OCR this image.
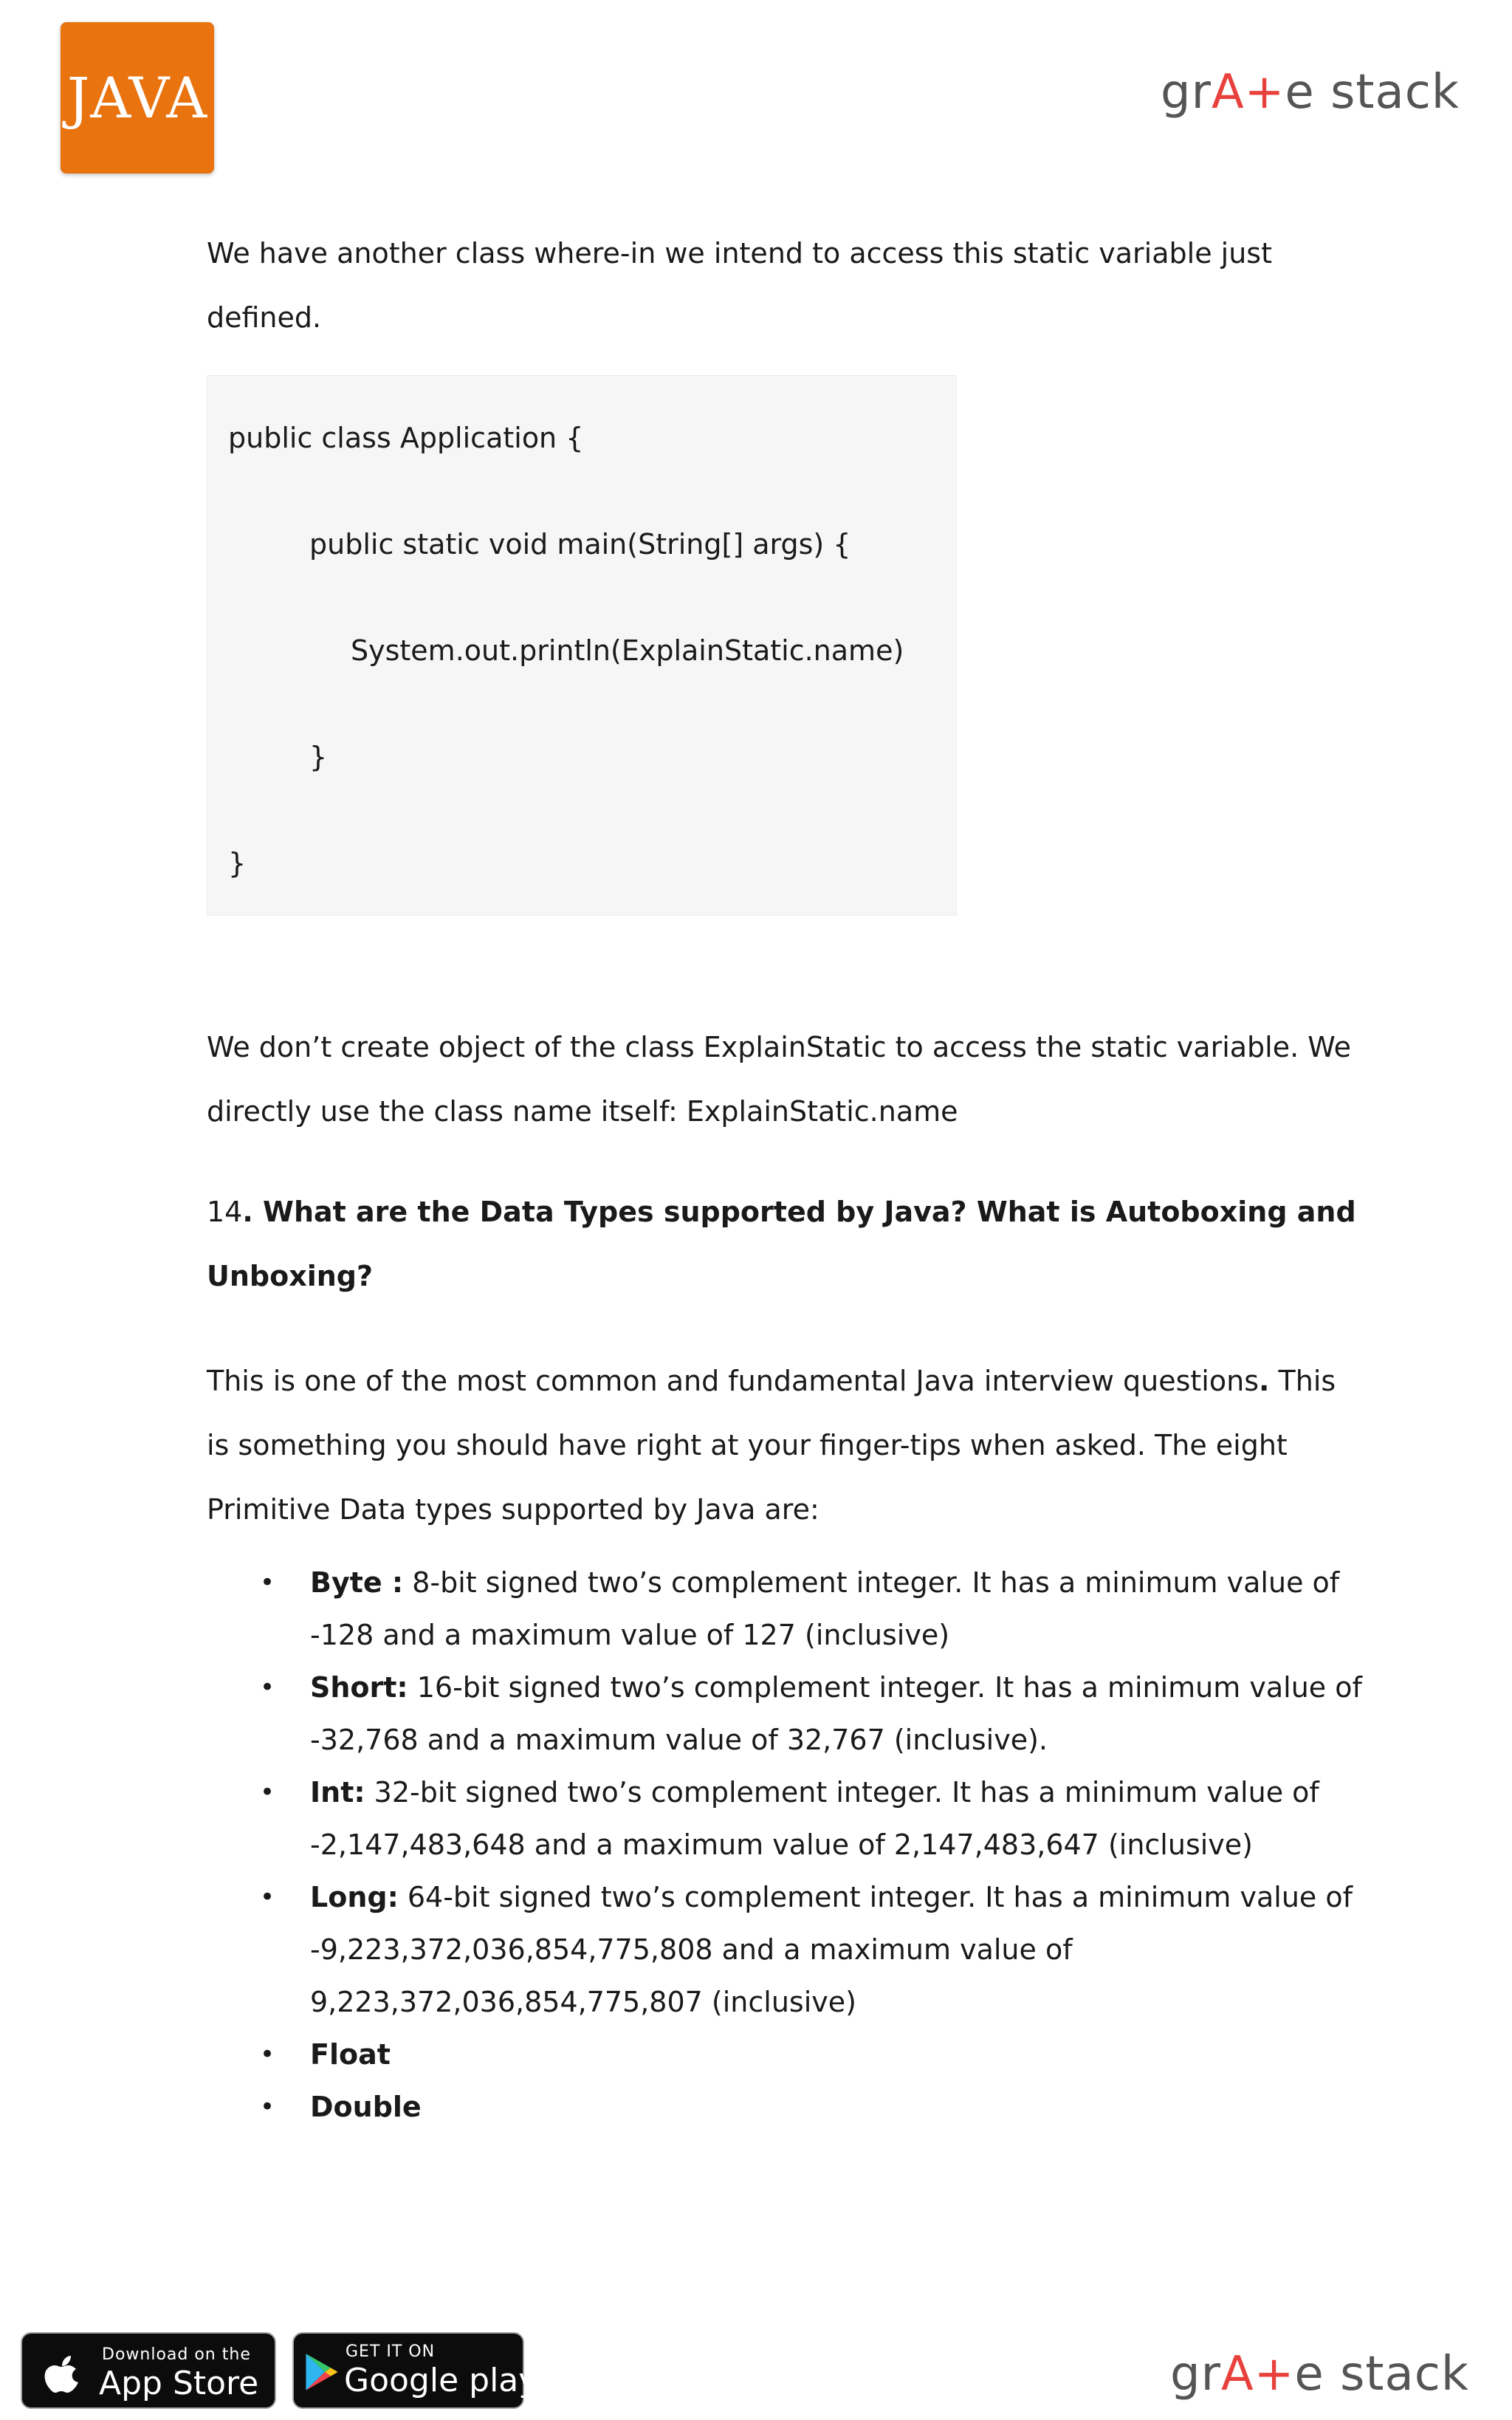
JAVA	grA+e stack

We have another class where-in we intend to access this static variable just defined.

public class Application {
public static void main(String[] args) {
System.out.println(ExplainStatic.name)
}
}

We don’t create object of the class ExplainStatic to access the static variable. We directly use the class name itself: ExplainStatic.name

14. What are the Data Types supported by Java? What is Autoboxing and Unboxing?

This is one of the most common and fundamental Java interview questions. This is something you should have right at your finger-tips when asked. The eight Primitive Data types supported by Java are:

• Byte : 8-bit signed two’s complement integer. It has a minimum value of -128 and a maximum value of 127 (inclusive)
• Short: 16-bit signed two’s complement integer. It has a minimum value of -32,768 and a maximum value of 32,767 (inclusive).
• Int: 32-bit signed two’s complement integer. It has a minimum value of -2,147,483,648 and a maximum value of 2,147,483,647 (inclusive)
• Long: 64-bit signed two’s complement integer. It has a minimum value of -9,223,372,036,854,775,808 and a maximum value of 9,223,372,036,854,775,807 (inclusive)
• Float
• Double
Download on the
App Store
GET IT ON
Google play	grA+e stack
